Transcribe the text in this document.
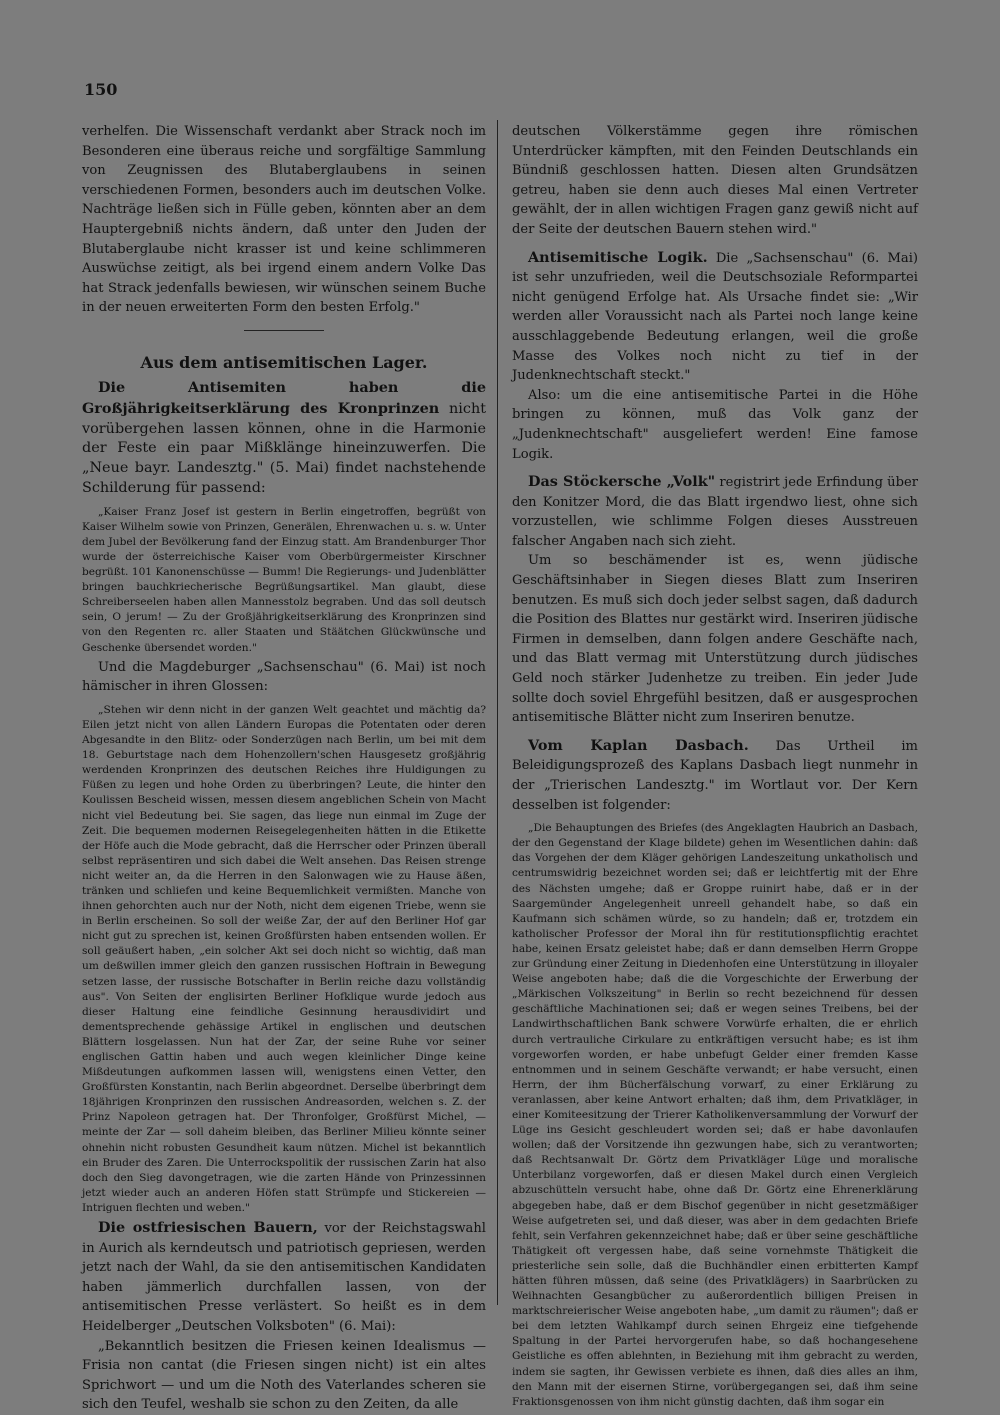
150

verhelfen. Die Wissenschaft verdankt aber Strack noch im Besonderen eine überaus reiche und sorgfältige Sammlung von Zeugnissen des Blutaberglaubens in seinen verschiedenen Formen, besonders auch im deutschen Volke. Nachträge ließen sich in Fülle geben, könnten aber an dem Hauptergebniß nichts ändern, daß unter den Juden der Blutaberglaube nicht krasser ist und keine schlimmeren Auswüchse zeitigt, als bei irgend einem andern Volke Das hat Strack jedenfalls bewiesen, wir wünschen seinem Buche in der neuen erweiterten Form den besten Erfolg."

Aus dem antisemitischen Lager.

Die Antisemiten haben die Großjährigkeitserklärung des Kronprinzen nicht vorübergehen lassen können, ohne in die Harmonie der Feste ein paar Mißklänge hineinzuwerfen. Die „Neue bayr. Landesztg." (5. Mai) findet nachstehende Schilderung für passend:

„Kaiser Franz Josef ist gestern in Berlin eingetroffen, begrüßt von Kaiser Wilhelm sowie von Prinzen, Generälen, Ehrenwachen u. s. w. Unter dem Jubel der Bevölkerung fand der Einzug statt. Am Brandenburger Thor wurde der österreichische Kaiser vom Oberbürgermeister Kirschner begrüßt. 101 Kanonenschüsse — Bumm! Die Regierungs- und Judenblätter bringen bauchkriecherische Begrüßungsartikel. Man glaubt, diese Schreiberseelen haben allen Mannesstolz begraben. Und das soll deutsch sein, O jerum! — Zu der Großjährigkeitserklärung des Kronprinzen sind von den Regenten rc. aller Staaten und Stäätchen Glückwünsche und Geschenke übersendet worden."

Und die Magdeburger „Sachsenschau" (6. Mai) ist noch hämischer in ihren Glossen:

„Stehen wir denn nicht in der ganzen Welt geachtet und mächtig da? Eilen jetzt nicht von allen Ländern Europas die Potentaten oder deren Abgesandte in den Blitz- oder Sonderzügen nach Berlin, um bei mit dem 18. Geburtstage nach dem Hohenzollern'schen Hausgesetz großjährig werdenden Kronprinzen des deutschen Reiches ihre Huldigungen zu Füßen zu legen und hohe Orden zu überbringen? Leute, die hinter den Koulissen Bescheid wissen, messen diesem angeblichen Schein von Macht nicht viel Bedeutung bei. Sie sagen, das liege nun einmal im Zuge der Zeit. Die bequemen modernen Reisegelegenheiten hätten in die Etikette der Höfe auch die Mode gebracht, daß die Herrscher oder Prinzen überall selbst repräsentiren und sich dabei die Welt ansehen. Das Reisen strenge nicht weiter an, da die Herren in den Salonwagen wie zu Hause äßen, tränken und schliefen und keine Bequemlichkeit vermißten. Manche von ihnen gehorchten auch nur der Noth, nicht dem eigenen Triebe, wenn sie in Berlin erscheinen. So soll der weiße Zar, der auf den Berliner Hof gar nicht gut zu sprechen ist, keinen Großfürsten haben entsenden wollen. Er soll geäußert haben, „ein solcher Akt sei doch nicht so wichtig, daß man um deßwillen immer gleich den ganzen russischen Hoftrain in Bewegung setzen lasse, der russische Botschafter in Berlin reiche dazu vollständig aus". Von Seiten der englisirten Berliner Hofklique wurde jedoch aus dieser Haltung eine feindliche Gesinnung herausdividirt und dementsprechende gehässige Artikel in englischen und deutschen Blättern losgelassen. Nun hat der Zar, der seine Ruhe vor seiner englischen Gattin haben und auch wegen kleinlicher Dinge keine Mißdeutungen aufkommen lassen will, wenigstens einen Vetter, den Großfürsten Konstantin, nach Berlin abgeordnet. Derselbe überbringt dem 18jährigen Kronprinzen den russischen Andreasorden, welchen s. Z. der Prinz Napoleon getragen hat. Der Thronfolger, Großfürst Michel, — meinte der Zar — soll daheim bleiben, das Berliner Milieu könnte seiner ohnehin nicht robusten Gesundheit kaum nützen. Michel ist bekanntlich ein Bruder des Zaren. Die Unterrockspolitik der russischen Zarin hat also doch den Sieg davongetragen, wie die zarten Hände von Prinzessinnen jetzt wieder auch an anderen Höfen statt Strümpfe und Stickereien — Intriguen flechten und weben."

Die ostfriesischen Bauern, vor der Reichstagswahl in Aurich als kerndeutsch und patriotisch gepriesen, werden jetzt nach der Wahl, da sie den antisemitischen Kandidaten haben jämmerlich durchfallen lassen, von der antisemitischen Presse verlästert. So heißt es in dem Heidelberger „Deutschen Volksboten" (6. Mai):

„Bekanntlich besitzen die Friesen keinen Idealismus — Frisia non cantat (die Friesen singen nicht) ist ein altes Sprichwort — und um die Noth des Vaterlandes scheren sie sich den Teufel, weshalb sie schon zu den Zeiten, da alle

deutschen Völkerstämme gegen ihre römischen Unterdrücker kämpften, mit den Feinden Deutschlands ein Bündniß geschlossen hatten. Diesen alten Grundsätzen getreu, haben sie denn auch dieses Mal einen Vertreter gewählt, der in allen wichtigen Fragen ganz gewiß nicht auf der Seite der deutschen Bauern stehen wird."

Antisemitische Logik. Die „Sachsenschau" (6. Mai) ist sehr unzufrieden, weil die Deutschsoziale Reformpartei nicht genügend Erfolge hat. Als Ursache findet sie: „Wir werden aller Voraussicht nach als Partei noch lange keine ausschlaggebende Bedeutung erlangen, weil die große Masse des Volkes noch nicht zu tief in der Judenknechtschaft steckt."

Also: um die eine antisemitische Partei in die Höhe bringen zu können, muß das Volk ganz der „Judenknechtschaft" ausgeliefert werden! Eine famose Logik.

Das Stöckersche „Volk" registrirt jede Erfindung über den Konitzer Mord, die das Blatt irgendwo liest, ohne sich vorzustellen, wie schlimme Folgen dieses Ausstreuen falscher Angaben nach sich zieht.

Um so beschämender ist es, wenn jüdische Geschäftsinhaber in Siegen dieses Blatt zum Inseriren benutzen. Es muß sich doch jeder selbst sagen, daß dadurch die Position des Blattes nur gestärkt wird. Inseriren jüdische Firmen in demselben, dann folgen andere Geschäfte nach, und das Blatt vermag mit Unterstützung durch jüdisches Geld noch stärker Judenhetze zu treiben. Ein jeder Jude sollte doch soviel Ehrgefühl besitzen, daß er ausgesprochen antisemitische Blätter nicht zum Inseriren benutze.

Vom Kaplan Dasbach. Das Urtheil im Beleidigungsprozeß des Kaplans Dasbach liegt nunmehr in der „Trierischen Landesztg." im Wortlaut vor. Der Kern desselben ist folgender:

„Die Behauptungen des Briefes (des Angeklagten Haubrich an Dasbach, der den Gegenstand der Klage bildete) gehen im Wesentlichen dahin: daß das Vorgehen der dem Kläger gehörigen Landeszeitung unkatholisch und centrumswidrig bezeichnet worden sei; daß er leichtfertig mit der Ehre des Nächsten umgehe; daß er Groppe ruinirt habe, daß er in der Saargemünder Angelegenheit unreell gehandelt habe, so daß ein Kaufmann sich schämen würde, so zu handeln; daß er, trotzdem ein katholischer Professor der Moral ihn für restitutionspflichtig erachtet habe, keinen Ersatz geleistet habe; daß er dann demselben Herrn Groppe zur Gründung einer Zeitung in Diedenhofen eine Unterstützung in illoyaler Weise angeboten habe; daß die die Vorgeschichte der Erwerbung der „Märkischen Volkszeitung" in Berlin so recht bezeichnend für dessen geschäftliche Machinationen sei; daß er wegen seines Treibens, bei der Landwirthschaftlichen Bank schwere Vorwürfe erhalten, die er ehrlich durch vertrauliche Cirkulare zu entkräftigen versucht habe; es ist ihm vorgeworfen worden, er habe unbefugt Gelder einer fremden Kasse entnommen und in seinem Geschäfte verwandt; er habe versucht, einen Herrn, der ihm Bücherfälschung vorwarf, zu einer Erklärung zu veranlassen, aber keine Antwort erhalten; daß ihm, dem Privatkläger, in einer Komiteesitzung der Trierer Katholikenversammlung der Vorwurf der Lüge ins Gesicht geschleudert worden sei; daß er habe davonlaufen wollen; daß der Vorsitzende ihn gezwungen habe, sich zu verantworten; daß Rechtsanwalt Dr. Görtz dem Privatkläger Lüge und moralische Unterbilanz vorgeworfen, daß er diesen Makel durch einen Vergleich abzuschütteln versucht habe, ohne daß Dr. Görtz eine Ehrenerklärung abgegeben habe, daß er dem Bischof gegenüber in nicht gesetzmäßiger Weise aufgetreten sei, und daß dieser, was aber in dem gedachten Briefe fehlt, sein Verfahren gekennzeichnet habe; daß er über seine geschäftliche Thätigkeit oft vergessen habe, daß seine vornehmste Thätigkeit die priesterliche sein solle, daß die Buchhändler einen erbitterten Kampf hätten führen müssen, daß seine (des Privatklägers) in Saarbrücken zu Weihnachten Gesangbücher zu außerordentlich billigen Preisen in marktschreierischer Weise angeboten habe, „um damit zu räumen"; daß er bei dem letzten Wahlkampf durch seinen Ehrgeiz eine tiefgehende Spaltung in der Partei hervorgerufen habe, so daß hochangesehene Geistliche es offen ablehnten, in Beziehung mit ihm gebracht zu werden, indem sie sagten, ihr Gewissen verbiete es ihnen, daß dies alles an ihm, den Mann mit der eisernen Stirne, vorübergegangen sei, daß ihm seine Fraktionsgenossen von ihm nicht günstig dachten, daß ihm sogar ein
